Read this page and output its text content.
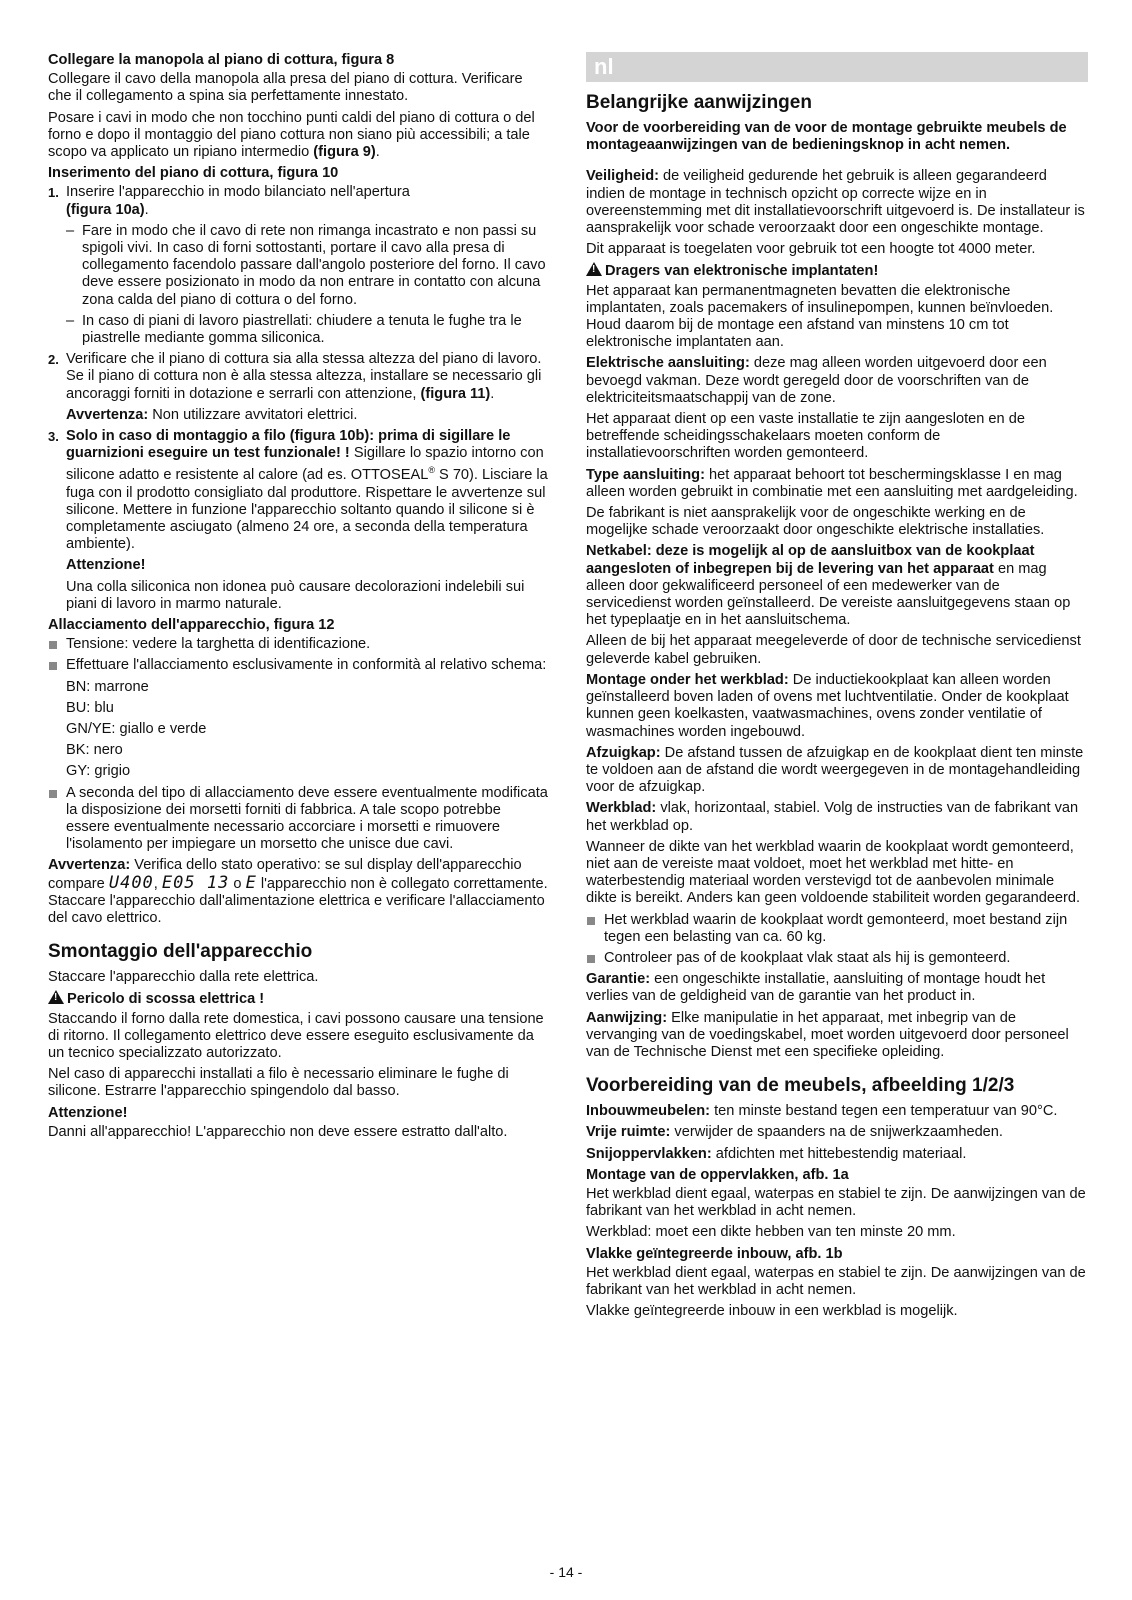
Collegare la manopola al piano di cottura, figura 8

Collegare il cavo della manopola alla presa del piano di cottura. Verificare che il collegamento a spina sia perfettamente innestato.

Posare i cavi in modo che non tocchino punti caldi del piano di cottura o del forno e dopo il montaggio del piano cottura non siano più accessibili; a tale scopo va applicato un ripiano intermedio (figura 9).

Inserimento del piano di cottura, figura 10

1. Inserire l'apparecchio in modo bilanciato nell'apertura
(figura 10a).
– Fare in modo che il cavo di rete non rimanga incastrato e non passi su spigoli vivi. In caso di forni sottostanti, portare il cavo alla presa di collegamento facendolo passare dall'angolo posteriore del forno. Il cavo deve essere posizionato in modo da non entrare in contatto con alcuna zona calda del piano di cottura o del forno.
– In caso di piani di lavoro piastrellati: chiudere a tenuta le fughe tra le piastrelle mediante gomma siliconica.
2. Verificare che il piano di cottura sia alla stessa altezza del piano di lavoro. Se il piano di cottura non è alla stessa altezza, installare se necessario gli ancoraggi forniti in dotazione e serrarli con attenzione, (figura 11).

Avvertenza: Non utilizzare avvitatori elettrici.

3. Solo in caso di montaggio a filo (figura 10b): prima di sigillare le guarnizioni eseguire un test funzionale! ! Sigillare lo spazio intorno con silicone adatto e resistente al calore (ad es. OTTOSEAL® S 70). Lisciare la fuga con il prodotto consigliato dal produttore. Rispettare le avvertenze sul silicone. Mettere in funzione l'apparecchio soltanto quando il silicone si è completamente asciugato (almeno 24 ore, a seconda della temperatura ambiente).

Attenzione!

Una colla siliconica non idonea può causare decolorazioni indelebili sui piani di lavoro in marmo naturale.

Allacciamento dell'apparecchio, figura 12

Tensione: vedere la targhetta di identificazione.
Effettuare l'allacciamento esclusivamente in conformità al relativo schema:

BN: marrone

BU: blu

GN/YE: giallo e verde

BK: nero

GY: grigio

A seconda del tipo di allacciamento deve essere eventualmente modificata la disposizione dei morsetti forniti di fabbrica. A tale scopo potrebbe essere eventualmente necessario accorciare i morsetti e rimuovere l'isolamento per impiegare un morsetto che unisce due cavi.

Avvertenza: Verifica dello stato operativo: se sul display dell'apparecchio compare U400, E05 13 o E l'apparecchio non è collegato correttamente. Staccare l'apparecchio dall'alimentazione elettrica e verificare l'allacciamento del cavo elettrico.

Smontaggio dell'apparecchio

Staccare l'apparecchio dalla rete elettrica.

!Pericolo di scossa elettrica !

Staccando il forno dalla rete domestica, i cavi possono causare una tensione di ritorno. Il collegamento elettrico deve essere eseguito esclusivamente da un tecnico specializzato autorizzato.

Nel caso di apparecchi installati a filo è necessario eliminare le fughe di silicone. Estrarre l'apparecchio spingendolo dal basso.

Attenzione!

Danni all'apparecchio! L'apparecchio non deve essere estratto dall'alto.

nl
Belangrijke aanwijzingen

Voor de voorbereiding van de voor de montage gebruikte meubels de montageaanwijzingen van de bedieningsknop in acht nemen.

Veiligheid: de veiligheid gedurende het gebruik is alleen gegarandeerd indien de montage in technisch opzicht op correcte wijze en in overeenstemming met dit installatievoorschrift uitgevoerd is. De installateur is aansprakelijk voor schade veroorzaakt door een ongeschikte montage.

Dit apparaat is toegelaten voor gebruik tot een hoogte tot 4000 meter.

!Dragers van elektronische implantaten!

Het apparaat kan permanentmagneten bevatten die elektronische implantaten, zoals pacemakers of insulinepompen, kunnen beïnvloeden. Houd daarom bij de montage een afstand van minstens 10 cm tot elektronische implantaten aan.

Elektrische aansluiting: deze mag alleen worden uitgevoerd door een bevoegd vakman. Deze wordt geregeld door de voorschriften van de elektriciteitsmaatschappij van de zone.

Het apparaat dient op een vaste installatie te zijn aangesloten en de betreffende scheidingsschakelaars moeten conform de installatievoorschriften worden gemonteerd.

Type aansluiting: het apparaat behoort tot beschermingsklasse I en mag alleen worden gebruikt in combinatie met een aansluiting met aardgeleiding.

De fabrikant is niet aansprakelijk voor de ongeschikte werking en de mogelijke schade veroorzaakt door ongeschikte elektrische installaties.

Netkabel: deze is mogelijk al op de aansluitbox van de kookplaat aangesloten of inbegrepen bij de levering van het apparaat en mag alleen door gekwalificeerd personeel of een medewerker van de servicedienst worden geïnstalleerd. De vereiste aansluitgegevens staan op het typeplaatje en in het aansluitschema.

Alleen de bij het apparaat meegeleverde of door de technische servicedienst geleverde kabel gebruiken.

Montage onder het werkblad: De inductiekookplaat kan alleen worden geïnstalleerd boven laden of ovens met luchtventilatie. Onder de kookplaat kunnen geen koelkasten, vaatwasmachines, ovens zonder ventilatie of wasmachines worden ingebouwd.

Afzuigkap: De afstand tussen de afzuigkap en de kookplaat dient ten minste te voldoen aan de afstand die wordt weergegeven in de montagehandleiding voor de afzuigkap.

Werkblad: vlak, horizontaal, stabiel. Volg de instructies van de fabrikant van het werkblad op.

Wanneer de dikte van het werkblad waarin de kookplaat wordt gemonteerd, niet aan de vereiste maat voldoet, moet het werkblad met hitte- en waterbestendig materiaal worden verstevigd tot de aanbevolen minimale dikte is bereikt. Anders kan geen voldoende stabiliteit worden gegarandeerd.

Het werkblad waarin de kookplaat wordt gemonteerd, moet bestand zijn tegen een belasting van ca. 60 kg.
Controleer pas of de kookplaat vlak staat als hij is gemonteerd.

Garantie: een ongeschikte installatie, aansluiting of montage houdt het verlies van de geldigheid van de garantie van het product in.

Aanwijzing: Elke manipulatie in het apparaat, met inbegrip van de vervanging van de voedingskabel, moet worden uitgevoerd door personeel van de Technische Dienst met een specifieke opleiding.

Voorbereiding van de meubels, afbeelding 1/2/3

Inbouwmeubelen: ten minste bestand tegen een temperatuur van 90°C.

Vrije ruimte: verwijder de spaanders na de snijwerkzaamheden.

Snijoppervlakken: afdichten met hittebestendig materiaal.

Montage van de oppervlakken, afb. 1a

Het werkblad dient egaal, waterpas en stabiel te zijn. De aanwijzingen van de fabrikant van het werkblad in acht nemen.

Werkblad: moet een dikte hebben van ten minste 20 mm.

Vlakke geïntegreerde inbouw, afb. 1b

Het werkblad dient egaal, waterpas en stabiel te zijn. De aanwijzingen van de fabrikant van het werkblad in acht nemen.

Vlakke geïntegreerde inbouw in een werkblad is mogelijk.

- 14 -
